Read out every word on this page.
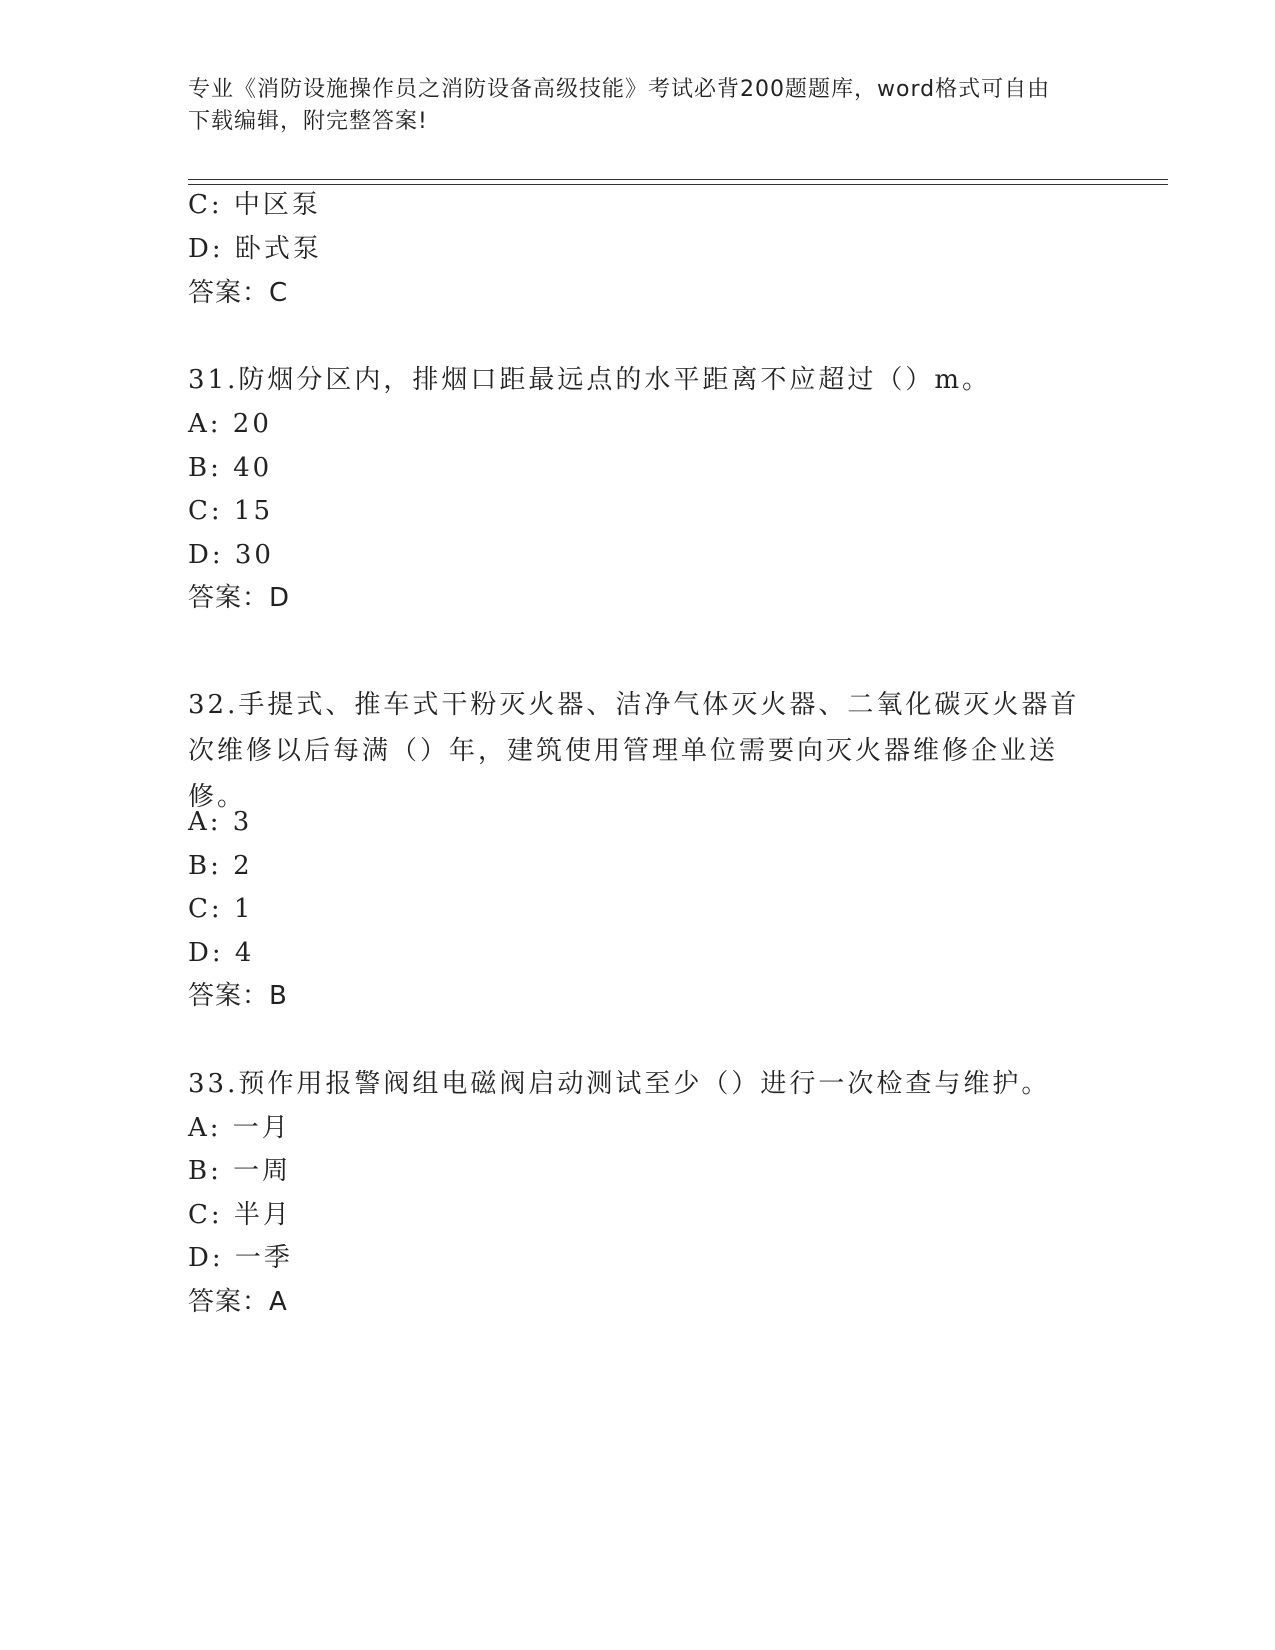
专业《消防设施操作员之消防设备高级技能》考试必背200题题库，word格式可自由下载编辑，附完整答案!
C: 中区泵
D: 卧式泵
答案：C
31.防烟分区内，排烟口距最远点的水平距离不应超过（）m。
A: 20
B: 40
C: 15
D: 30
答案：D
32.手提式、推车式干粉灭火器、洁净气体灭火器、二氧化碳灭火器首次维修以后每满（）年，建筑使用管理单位需要向灭火器维修企业送修。
A: 3
B: 2
C: 1
D: 4
答案：B
33.预作用报警阀组电磁阀启动测试至少（）进行一次检查与维护。
A: 一月
B: 一周
C: 半月
D: 一季
答案：A
